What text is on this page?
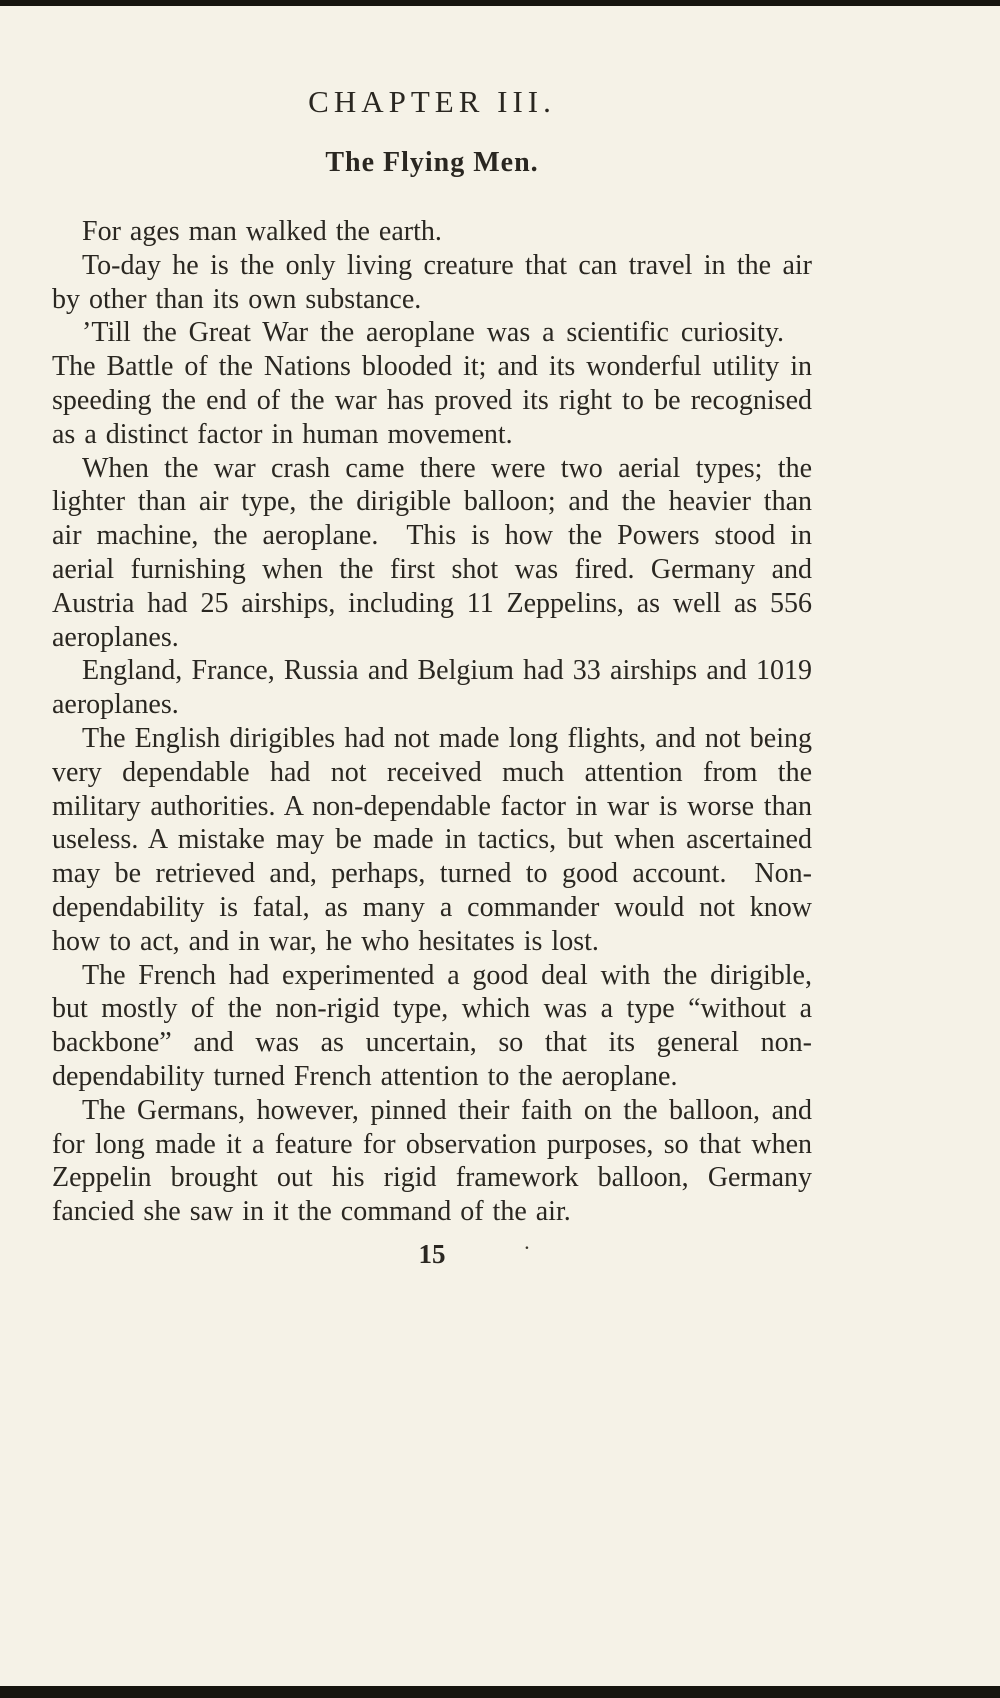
CHAPTER III.
The Flying Men.

For ages man walked the earth.

To-day he is the only living creature that can travel in the air by other than its own substance.

’Till the Great War the aeroplane was a scientific curiosity. The Battle of the Nations blooded it; and its wonderful utility in speeding the end of the war has proved its right to be recognised as a distinct factor in human movement.

When the war crash came there were two aerial types; the lighter than air type, the dirigible balloon; and the heavier than air machine, the aeroplane. This is how the Powers stood in aerial furnishing when the first shot was fired. Germany and Austria had 25 airships, including 11 Zeppelins, as well as 556 aeroplanes.

England, France, Russia and Belgium had 33 airships and 1019 aeroplanes.

The English dirigibles had not made long flights, and not being very dependable had not received much attention from the military authorities. A non-dependable factor in war is worse than useless. A mistake may be made in tactics, but when ascertained may be retrieved and, perhaps, turned to good account. Non-dependability is fatal, as many a commander would not know how to act, and in war, he who hesitates is lost.

The French had experimented a good deal with the dirigible, but mostly of the non-rigid type, which was a type “without a backbone” and was as uncertain, so that its general non-dependability turned French attention to the aeroplane.

The Germans, however, pinned their faith on the balloon, and for long made it a feature for observation purposes, so that when Zeppelin brought out his rigid framework balloon, Germany fancied she saw in it the command of the air.

15	·
